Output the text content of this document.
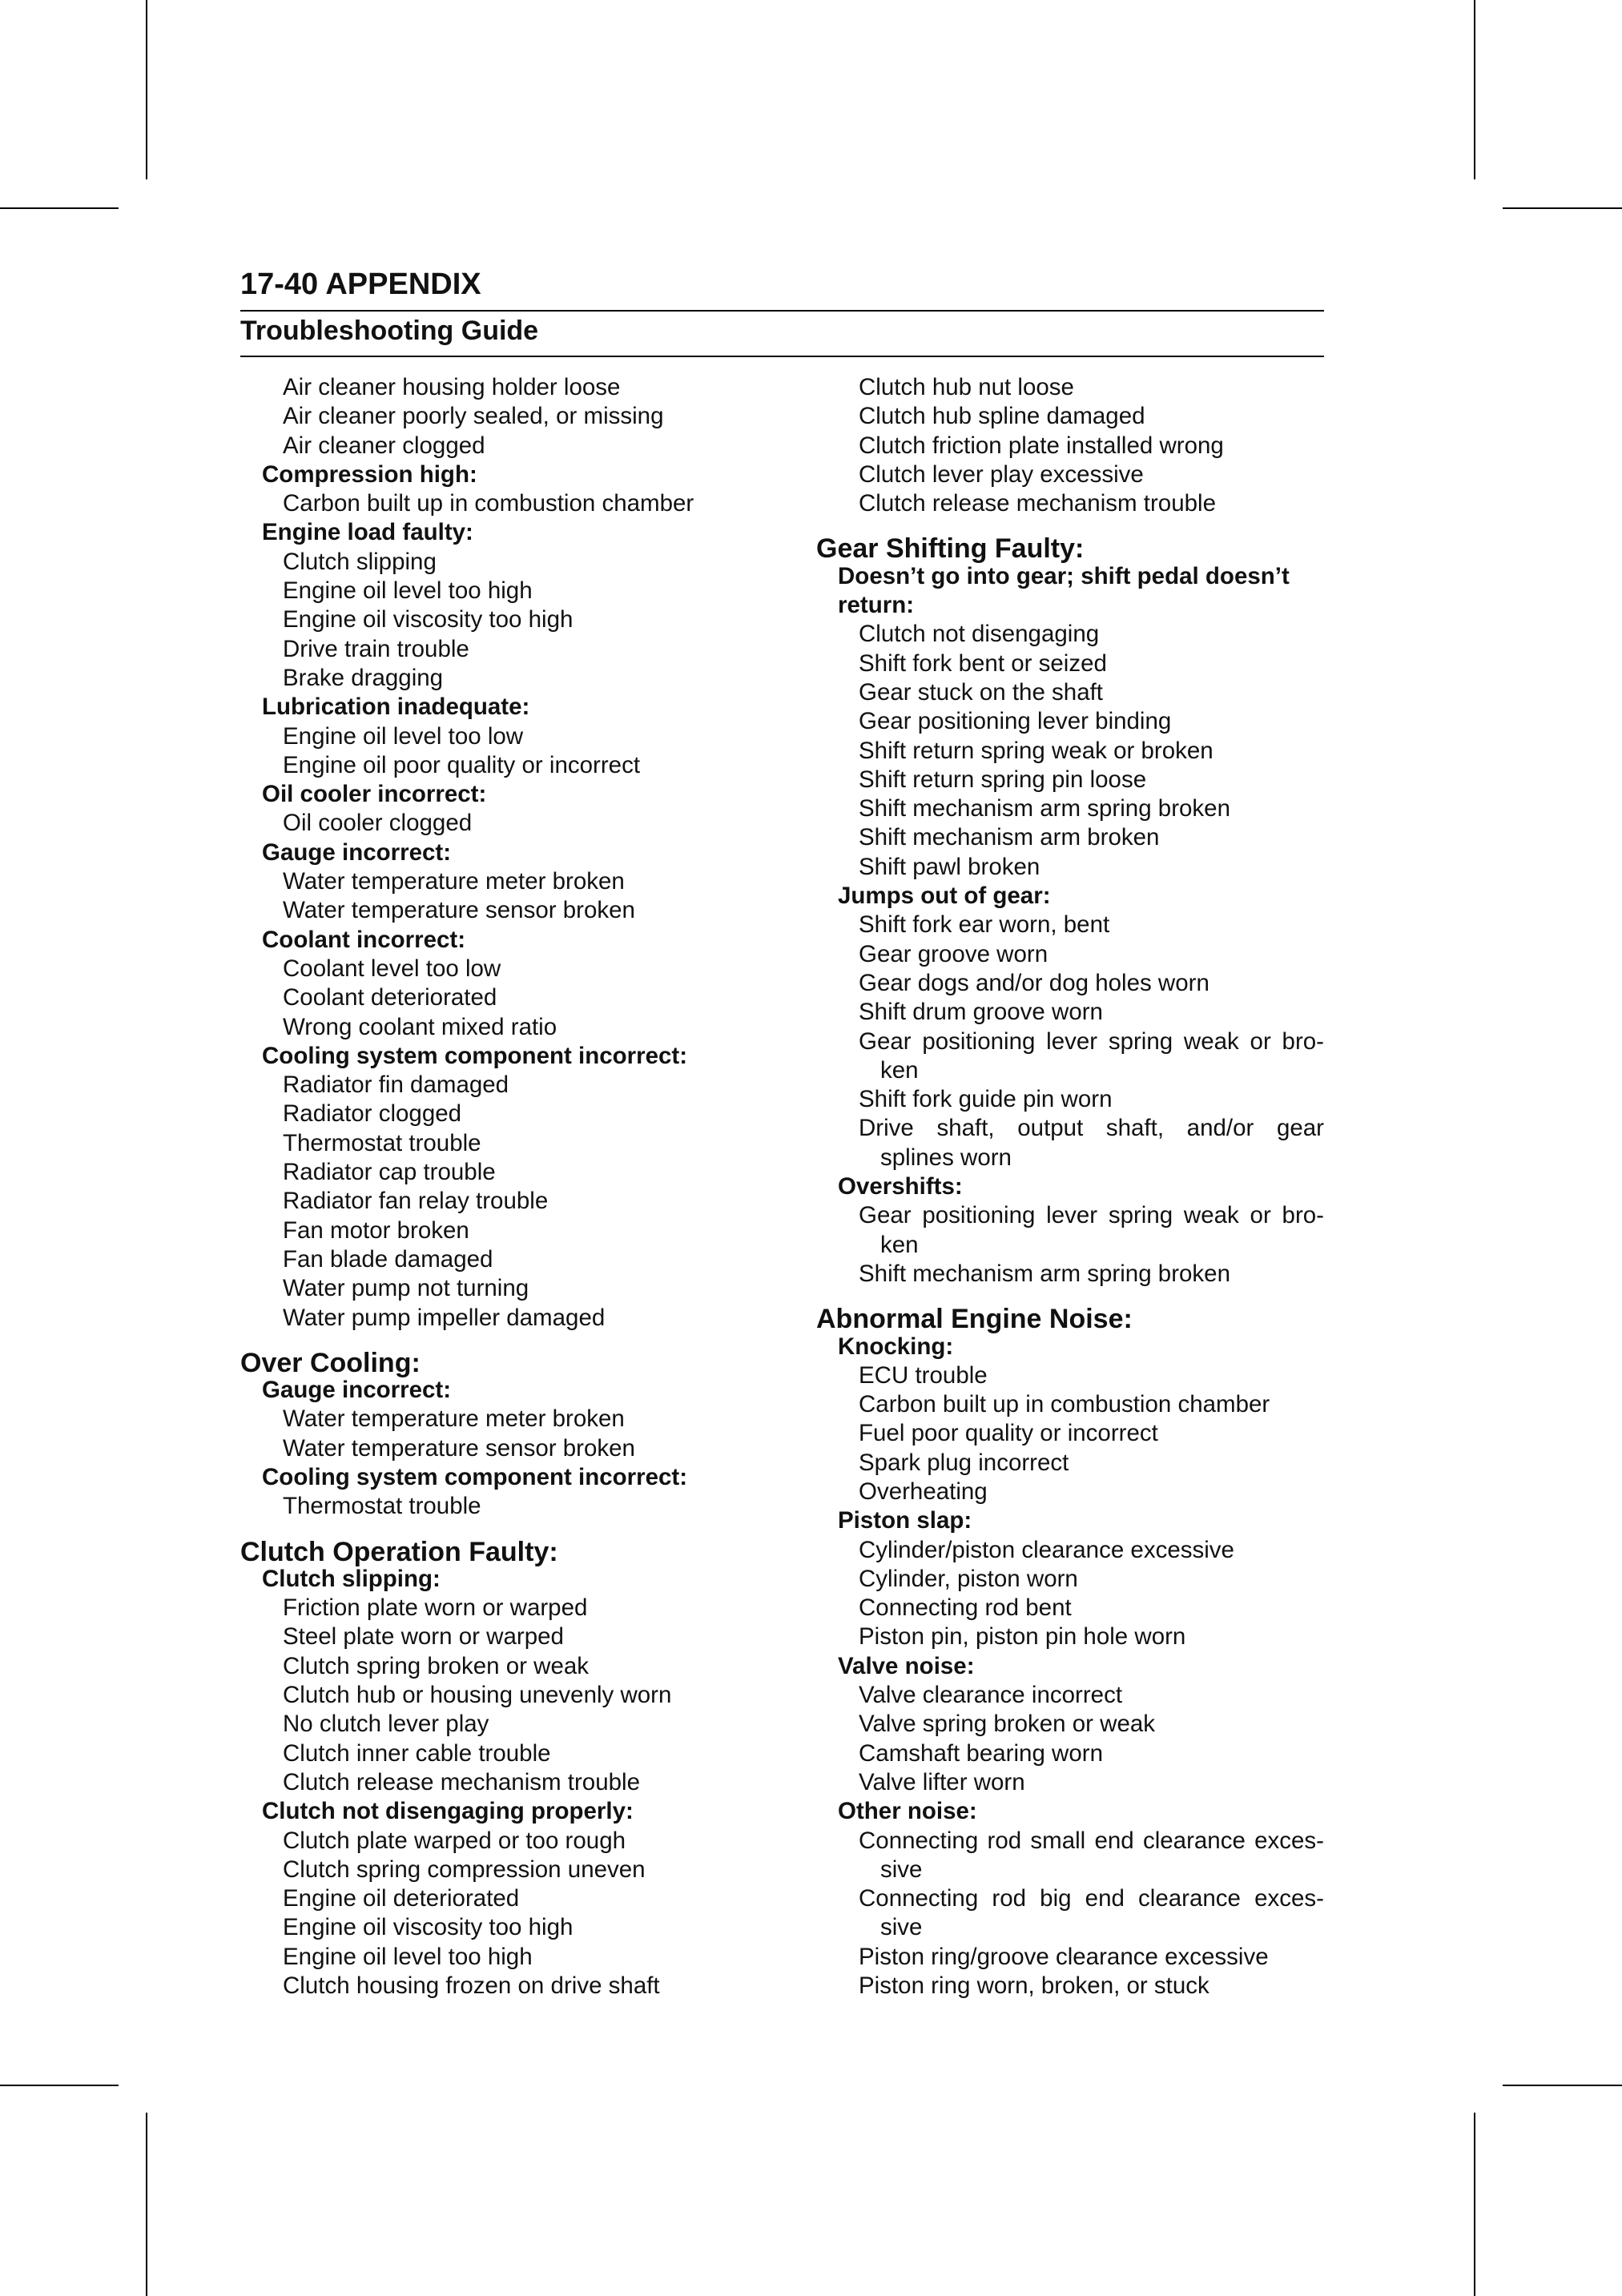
17-40 APPENDIX
Troubleshooting Guide
Air cleaner housing holder loose
Air cleaner poorly sealed, or missing
Air cleaner clogged
Compression high:
Carbon built up in combustion chamber
Engine load faulty:
Clutch slipping
Engine oil level too high
Engine oil viscosity too high
Drive train trouble
Brake dragging
Lubrication inadequate:
Engine oil level too low
Engine oil poor quality or incorrect
Oil cooler incorrect:
Oil cooler clogged
Gauge incorrect:
Water temperature meter broken
Water temperature sensor broken
Coolant incorrect:
Coolant level too low
Coolant deteriorated
Wrong coolant mixed ratio
Cooling system component incorrect:
Radiator fin damaged
Radiator clogged
Thermostat trouble
Radiator cap trouble
Radiator fan relay trouble
Fan motor broken
Fan blade damaged
Water pump not turning
Water pump impeller damaged
Over Cooling:
Gauge incorrect:
Water temperature meter broken
Water temperature sensor broken
Cooling system component incorrect:
Thermostat trouble
Clutch Operation Faulty:
Clutch slipping:
Friction plate worn or warped
Steel plate worn or warped
Clutch spring broken or weak
Clutch hub or housing unevenly worn
No clutch lever play
Clutch inner cable trouble
Clutch release mechanism trouble
Clutch not disengaging properly:
Clutch plate warped or too rough
Clutch spring compression uneven
Engine oil deteriorated
Engine oil viscosity too high
Engine oil level too high
Clutch housing frozen on drive shaft
Clutch hub nut loose
Clutch hub spline damaged
Clutch friction plate installed wrong
Clutch lever play excessive
Clutch release mechanism trouble
Gear Shifting Faulty:
Doesn’t go into gear; shift pedal doesn’t
return:
Clutch not disengaging
Shift fork bent or seized
Gear stuck on the shaft
Gear positioning lever binding
Shift return spring weak or broken
Shift return spring pin loose
Shift mechanism arm spring broken
Shift mechanism arm broken
Shift pawl broken
Jumps out of gear:
Shift fork ear worn, bent
Gear groove worn
Gear dogs and/or dog holes worn
Shift drum groove worn
Gear positioning lever spring weak or bro-
ken
Shift fork guide pin worn
Drive shaft, output shaft, and/or gear
splines worn
Overshifts:
Gear positioning lever spring weak or bro-
ken
Shift mechanism arm spring broken
Abnormal Engine Noise:
Knocking:
ECU trouble
Carbon built up in combustion chamber
Fuel poor quality or incorrect
Spark plug incorrect
Overheating
Piston slap:
Cylinder/piston clearance excessive
Cylinder, piston worn
Connecting rod bent
Piston pin, piston pin hole worn
Valve noise:
Valve clearance incorrect
Valve spring broken or weak
Camshaft bearing worn
Valve lifter worn
Other noise:
Connecting rod small end clearance exces-
sive
Connecting rod big end clearance exces-
sive
Piston ring/groove clearance excessive
Piston ring worn, broken, or stuck
